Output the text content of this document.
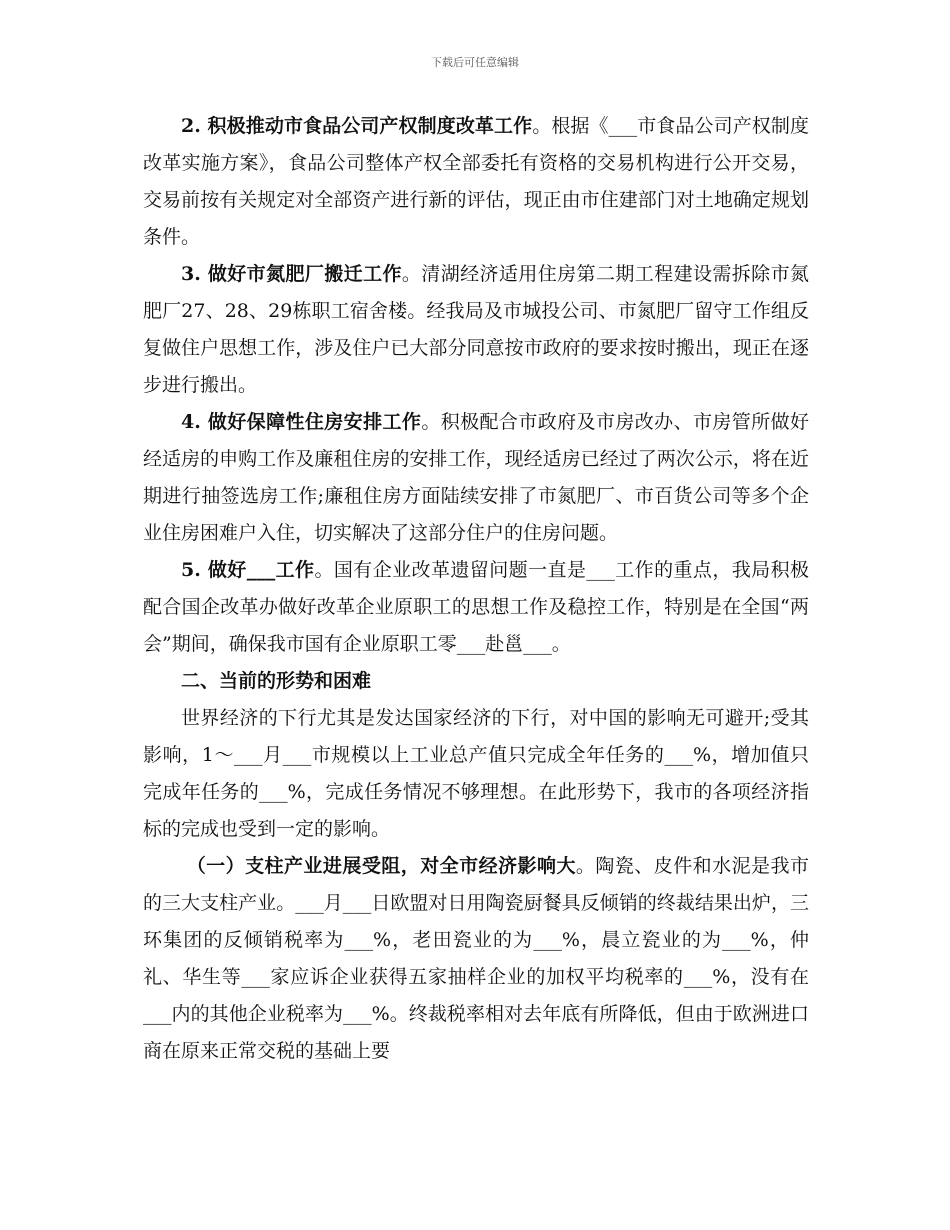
下载后可任意编辑

2. 积极推动市食品公司产权制度改革工作。根据《___市食品公司产权制度改革实施方案》，食品公司整体产权全部委托有资格的交易机构进行公开交易，交易前按有关规定对全部资产进行新的评估，现正由市住建部门对土地确定规划条件。

3. 做好市氮肥厂搬迁工作。清湖经济适用住房第二期工程建设需拆除市氮肥厂27、28、29栋职工宿舍楼。经我局及市城投公司、市氮肥厂留守工作组反复做住户思想工作，涉及住户已大部分同意按市政府的要求按时搬出，现正在逐步进行搬出。

4. 做好保障性住房安排工作。积极配合市政府及市房改办、市房管所做好经适房的申购工作及廉租住房的安排工作，现经适房已经过了两次公示，将在近期进行抽签选房工作;廉租住房方面陆续安排了市氮肥厂、市百货公司等多个企业住房困难户入住，切实解决了这部分住户的住房问题。

5. 做好___工作。国有企业改革遗留问题一直是___工作的重点，我局积极配合国企改革办做好改革企业原职工的思想工作及稳控工作，特别是在全国“两会”期间，确保我市国有企业原职工零___赴邕___。

二、当前的形势和困难

世界经济的下行尤其是发达国家经济的下行，对中国的影响无可避开;受其影响，1～___月___市规模以上工业总产值只完成全年任务的___%，增加值只完成年任务的___%，完成任务情况不够理想。在此形势下，我市的各项经济指标的完成也受到一定的影响。

（一）支柱产业进展受阻，对全市经济影响大。陶瓷、皮件和水泥是我市的三大支柱产业。___月___日欧盟对日用陶瓷厨餐具反倾销的终裁结果出炉，三环集团的反倾销税率为___%，老田瓷业的为___%，晨立瓷业的为___%，仲礼、华生等___家应诉企业获得五家抽样企业的加权平均税率的___%，没有在___内的其他企业税率为___%。终裁税率相对去年底有所降低，但由于欧洲进口商在原来正常交税的基础上要
